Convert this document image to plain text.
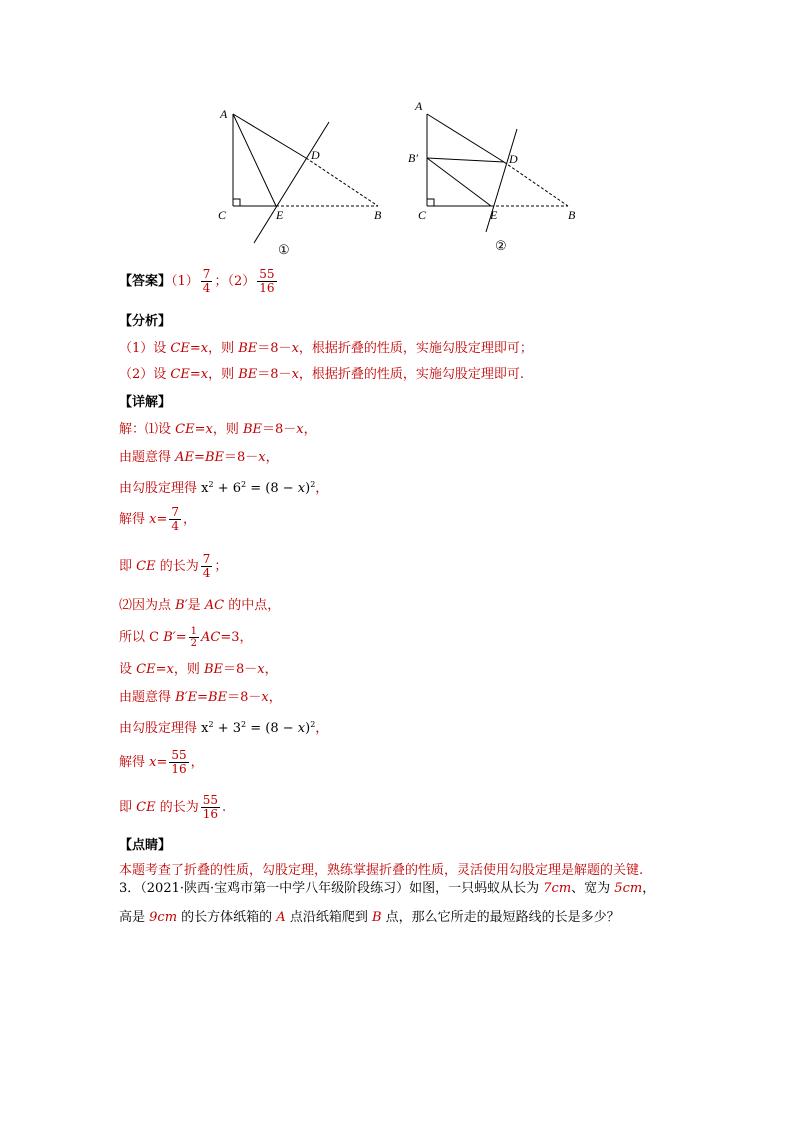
A
D
C	E	B
①
A
B′	D
C	E	B
②
【答案】$(1) \frac{7}{4}$ ；$(2) \frac{55}{16}$
【分析】
（1）设 CE=x，则 BE＝8－x，根据折叠的性质，实施勾股定理即可；
（2）设 CE=x，则 BE＝8－x，根据折叠的性质，实施勾股定理即可.
【详解】
解：⑴设 CE=x，则 BE＝8－x，
由题意得 AE=BE＝8－x，
由勾股定理得 $x^2 + 6^2 = (8 - x)^2$，
解得 $x= \frac{7}{4}$ ，
即 CE 的长为 $\frac{7}{4}$ ；
⑵因为点 B′是 AC 的中点，
所以 C $B'= \frac{1}{2} AC=3$，
设 CE=x，则 BE＝8－x，
由题意得 B′E=BE＝8－x，
由勾股定理得 $x^2 + 3^2 = (8 - x)^2$，
解得 $x= \frac{55}{16}$ ，
即 CE 的长为 $\frac{55}{16}$ .
【点睛】
本题考查了折叠的性质，勾股定理，熟练掌握折叠的性质，灵活使用勾股定理是解题的关键.
3．（2021·陕西·宝鸡市第一中学八年级阶段练习）如图，一只蚂蚁从长为 7cm、宽为 5cm，
高是 9cm 的长方体纸箱的 A 点沿纸箱爬到 B 点，那么它所走的最短路线的长是多少？
